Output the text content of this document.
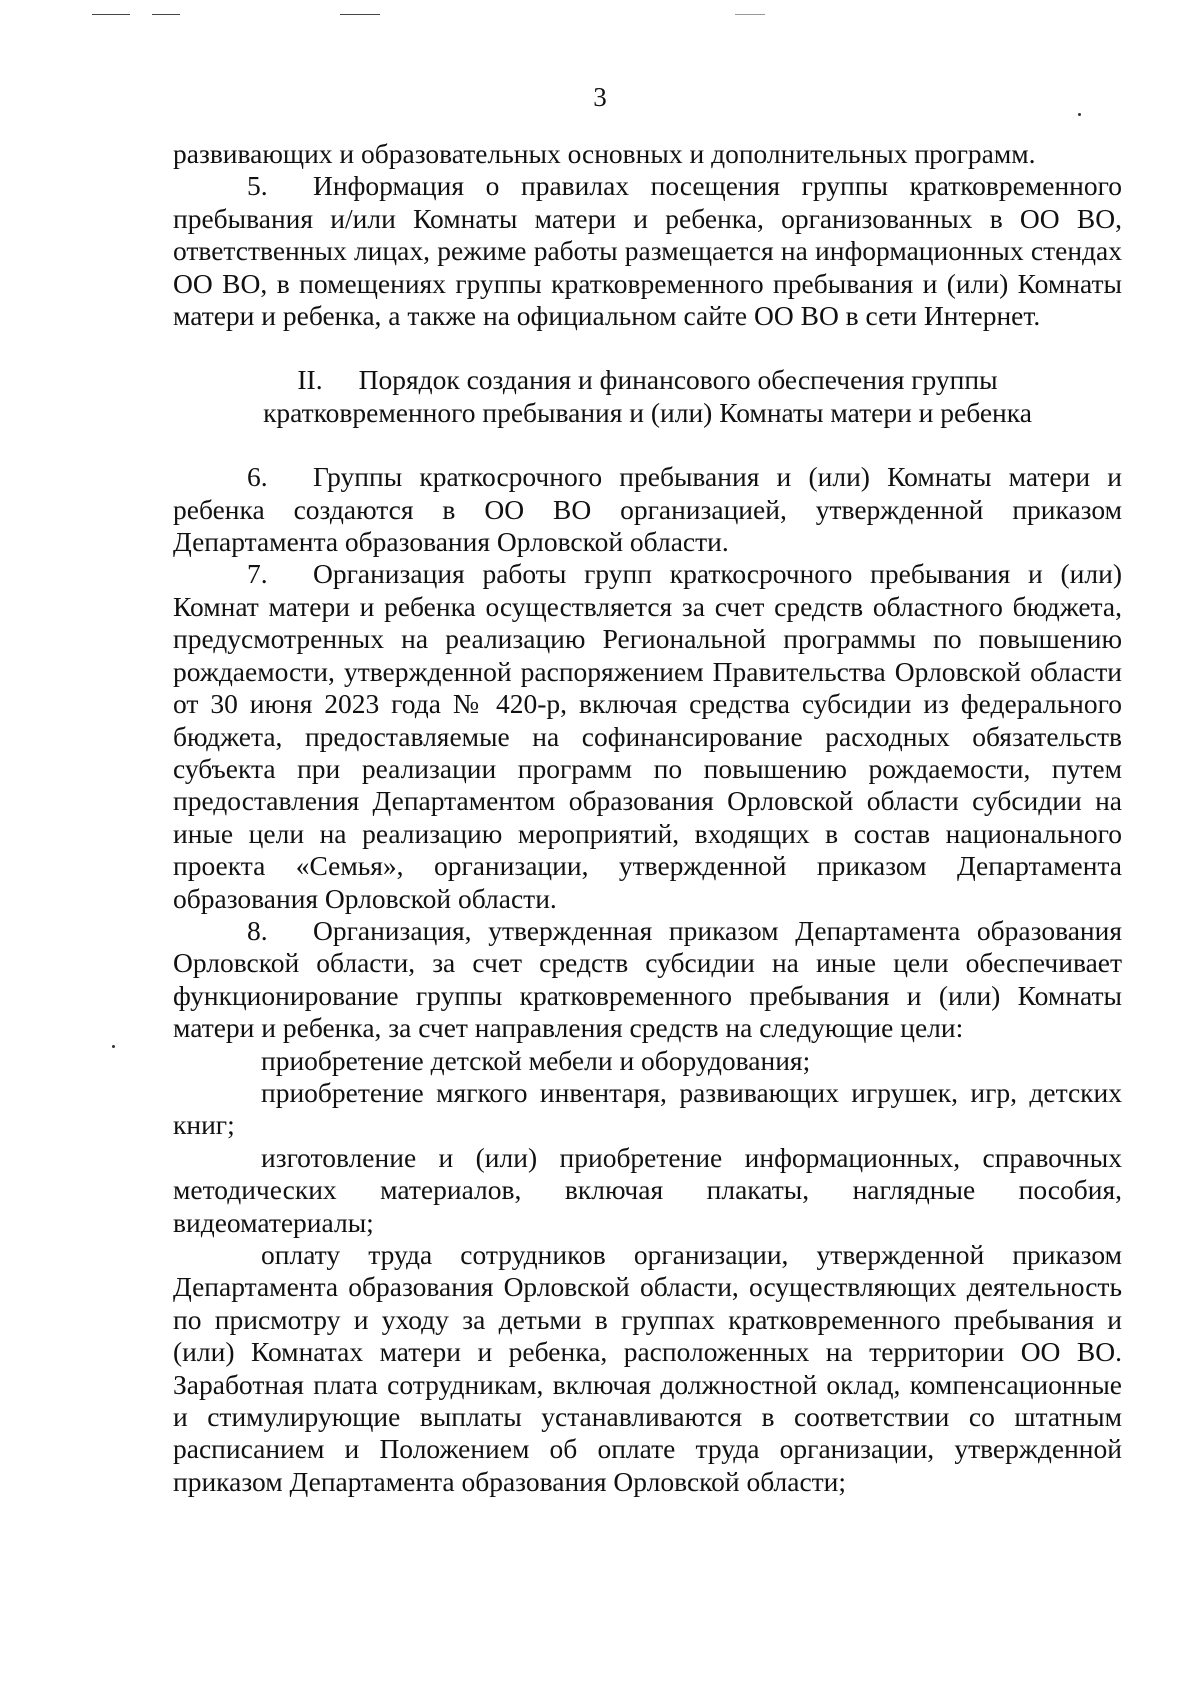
3

развивающих и образовательных основных и дополнительных программ.

5. Информация о правилах посещения группы кратковременного пребывания и/или Комнаты матери и ребенка, организованных в ОО ВО, ответственных лицах, режиме работы размещается на информационных стендах ОО ВО, в помещениях группы кратковременного пребывания и (или) Комнаты матери и ребенка, а также на официальном сайте ОО ВО в сети Интернет.

II. Порядок создания и финансового обеспечения группы
кратковременного пребывания и (или) Комнаты матери и ребенка

6. Группы краткосрочного пребывания и (или) Комнаты матери и ребенка создаются в ОО ВО организацией, утвержденной приказом Департамента образования Орловской области.

7. Организация работы групп краткосрочного пребывания и (или) Комнат матери и ребенка осуществляется за счет средств областного бюджета, предусмотренных на реализацию Региональной программы по повышению рождаемости, утвержденной распоряжением Правительства Орловской области от 30 июня 2023 года № 420-р, включая средства субсидии из федерального бюджета, предоставляемые на софинансирование расходных обязательств субъекта при реализации программ по повышению рождаемости, путем предоставления Департаментом образования Орловской области субсидии на иные цели на реализацию мероприятий, входящих в состав национального проекта «Семья», организации, утвержденной приказом Департамента образования Орловской области.

8. Организация, утвержденная приказом Департамента образования Орловской области, за счет средств субсидии на иные цели обеспечивает функционирование группы кратковременного пребывания и (или) Комнаты матери и ребенка, за счет направления средств на следующие цели:

приобретение детской мебели и оборудования;

приобретение мягкого инвентаря, развивающих игрушек, игр, детских книг;

изготовление и (или) приобретение информационных, справочных методических материалов, включая плакаты, наглядные пособия, видеоматериалы;

оплату труда сотрудников организации, утвержденной приказом Департамента образования Орловской области, осуществляющих деятельность по присмотру и уходу за детьми в группах кратковременного пребывания и (или) Комнатах матери и ребенка, расположенных на территории ОО ВО. Заработная плата сотрудникам, включая должностной оклад, компенсационные и стимулирующие выплаты устанавливаются в соответствии со штатным расписанием и Положением об оплате труда организации, утвержденной приказом Департамента образования Орловской области;
